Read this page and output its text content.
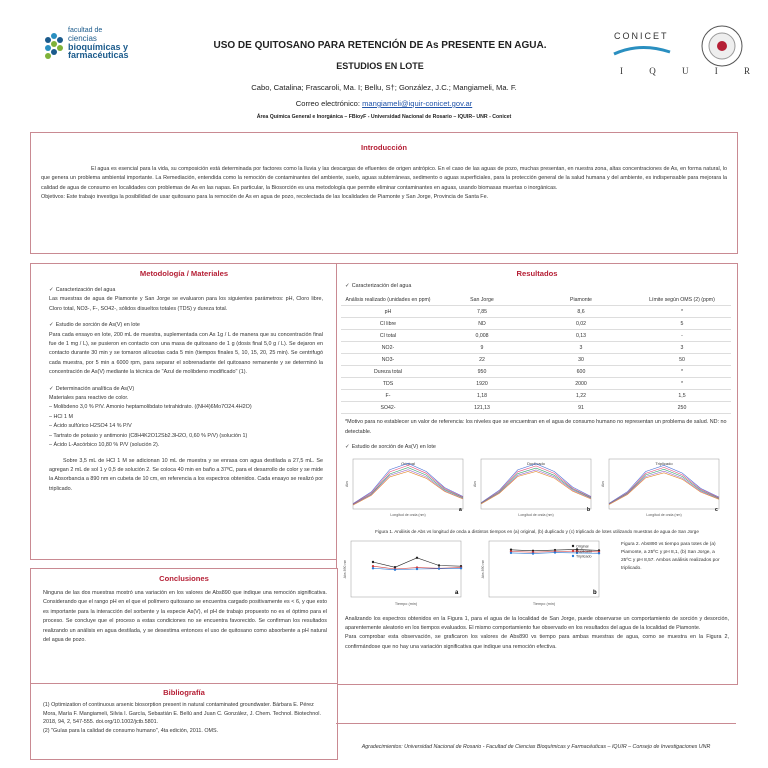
facultad de
ciencias
bioquímicas y
farmacéuticas
CONICET
I	Q	U	I	R
USO DE QUITOSANO PARA RETENCIÓN DE As PRESENTE EN AGUA.
ESTUDIOS EN LOTE
Cabo, Catalina; Frascaroli, Ma. I; Bellu, S†; González, J.C.; Mangiameli, Ma. F.
Correo electrónico: mangiameli@iquir-conicet.gov.ar
Área Química General e Inorgánica – FBioyF - Universidad Nacional de Rosario – IQUIR– UNR - Conicet
Introducción
El agua es esencial para la vida, su composición está determinada por factores como la lluvia y las descargas de efluentes de origen antrópico. En el caso de las aguas de pozo, muchas presentan, en nuestra zona, altas concentraciones de As, en forma natural, lo que genera un problema ambiental importante. La Remediación, entendida como la remoción de contaminantes del ambiente, suelo, aguas subterráneas, sedimento o aguas superficiales, para la protección general de la salud humana y del ambiente, es indispensable para mejorara la calidad de agua de consumo en localidades con problemas de As en las napas. En particular, la Biosorción es una metodología que permite eliminar contaminantes en aguas, usando biomasas muertas o inorgánicas.
Objetivos: Este trabajo investiga la posibilidad de usar quitosano para la remoción de As en agua de pozo, recolectada de las localidades de Piamonte y San Jorge, Provincia de Santa Fe.
Metodología / Materiales
✓ Caracterización del agua
Las muestras de agua de Piamonte y San Jorge se evaluaron para los siguientes parámetros: pH, Cloro libre, Cloro total, NO3-, F-, SO42-, sólidos disueltos totales (TDS) y dureza total.
✓ Estudio de sorción de As(V) en lote
Para cada ensayo en lote, 200 mL de muestra, suplementada con As 1g / L de manera que su concentración final fue de 1 mg / L), se pusieron en contacto con una masa de quitosano de 1 g (dosis final 5,0 g / L). Se dejaron en contacto durante 30 min y se tomaron alícuotas cada 5 min (tiempos finales 5, 10, 15, 20, 25 min). Se centrifugó cada muestra, por 5 min a 6000 rpm, para separar el sobrenadante del quitosano remanente y se determinó la concentración de As(V) mediante la técnica de "Azul de molibdeno modificado" (1).
✓ Determinación analítica de As(V)
Materiales para reactivo de color.
– Molibdeno 3,0 % P/V. Amonio heptamolibdato tetrahidrato. ((NH4)6Mo7O24.4H2O)
– HCl 1 M
– Ácido sulfúrico H2SO4 14 % P/V
– Tartrato de potasio y antimonio (C8H4K2O12Sb2.3H2O, 0,60 % P/V) (solución 1)
– Ácido L-Ascórbico 10,80 % P/V (solución 2).
Sobre 3,5 mL de HCl 1 M se adicionan 10 mL de muestra y se enrasa con agua destilada a 27,5 mL. Se agregan 2 mL de sol 1 y 0,5 de solución 2. Se coloca 40 min en baño a 37ºC, para el desarrollo de color y se mide la Absorbancia a 890 nm en cubeta de 10 cm, en referencia a los espectros obtenidos. Cada ensayo se realizó por triplicado.
Resultados
✓ Caracterización del agua
Análisis realizado (unidades en ppm)	San Jorge	Piamonte	Límite según OMS (2) (ppm)
pH	7,85	8,6	*
Cl libre	ND	0,02	5
Cl total	0,008	0,13	-
NO2-	9	3	3
NO3-	22	30	50
Dureza total	950	600	*
TDS	1920	2000	*
F-	1,18	1,22	1,5
SO42-	121,13	91	250
*Motivo para no establecer un valor de referencia: los niveles que se encuentran en el agua de consumo humano no representan un problema de salud. ND: no detectable.
✓ Estudio de sorción de As(V) en lote
Original
Longitud de onda (nm)
Abs
a
Duplicado
Longitud de onda (nm)
Abs
b
Triplicado
Longitud de onda (nm)
Abs
c
Figura 1. Análisis de Abs vs longitud de onda a distintos tiempos en (a) original, (b) duplicado y (c) triplicado de lotes utilizando muestras de agua de San Jorge
Tiempo (min)
Abs 890 nm
a
Tiempo (min)
Abs 890 nm
b
Original
Duplicado
Triplicado
Figura 2. Abs890 vs tiempo para totes de (a) Piamonte, a 25ºC y pH 8,1, (b) San Jorge, a 25ºC y pH 8,57. Ambos análisis realizados por triplicado.
Analizando los espectros obtenidos en la Figura 1, para el agua de la localidad de San Jorge, puede observarse un comportamiento de sorción y desorción, aparentemente aleatorio en los tiempos evaluados. El mismo comportamiento fue observado en los resultados del agua de la localidad de Piamonte.
Para comprobar esta observación, se graficaron los valores de Abs890 vs tiempo para ambas muestras de agua, como se muestra en la Figura 2, confirmándose que no hay una variación significativa que indique una remoción efectiva.
Conclusiones
Ninguna de las dos muestras mostró una variación en los valores de Abs890 que indique una remoción significativa. Considerando que el rango pH en el que el polímero quitosano se encuentra cargado positivamente es < 6, y que esto es importante para la interacción del sorbente y la especie As(V), el pH de trabajo propuesto no es el óptimo para el proceso. Se concluye que el proceso a estas condiciones no se encuentra favorecido. Se confirman los resultados realizando un análisis en agua destilada, y se desestima entonces el uso de quitosano como absorbente a pH natural del agua de pozo.
Bibliografía
(1) Optimization of continuous arsenic biosorption present in natural contaminated groundwater. Bárbara E. Pérez Mora, María F. Mangiameli, Silvia I. García, Sebastián E. Bellú and Juan C. González, J. Chem. Technol. Biotechnol. 2018, 94, 2, 547-555. doi.org/10.1002/jctb.5801.
(2) "Guías para la calidad de consumo humano", 4ta edición, 2011. OMS.
Agradecimientos: Universidad Nacional de Rosario - Facultad de Ciencias Bioquímicas y Farmacéuticas – IQUIR – Consejo de Investigaciones UNR
